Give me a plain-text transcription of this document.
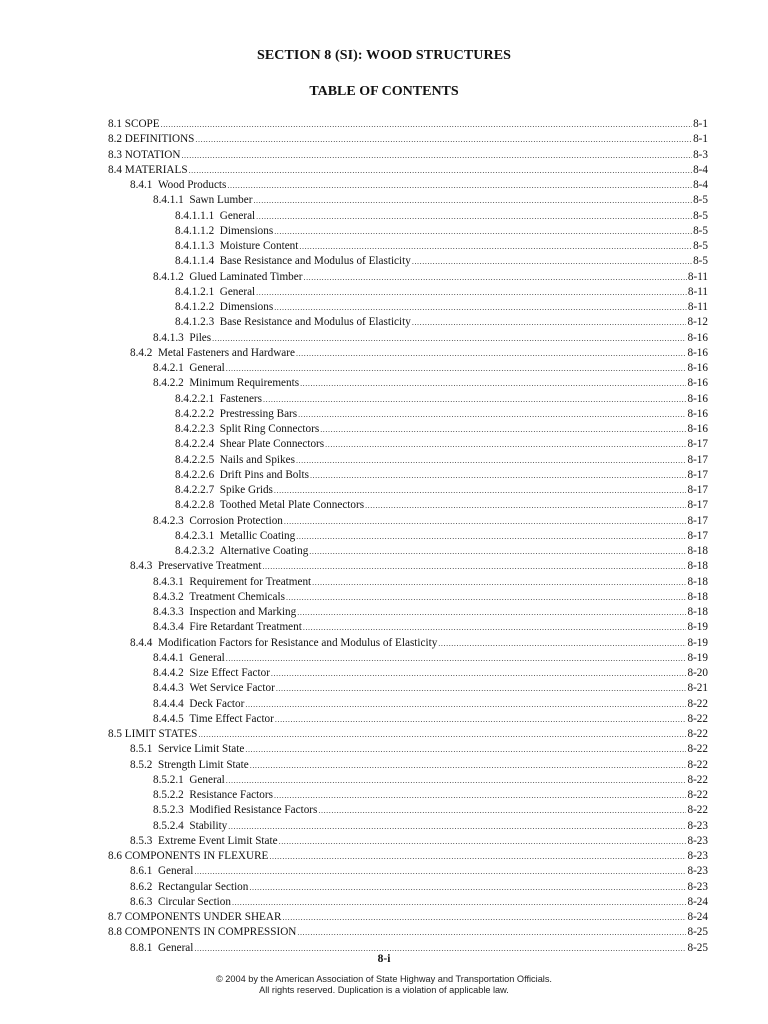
SECTION 8 (SI): WOOD STRUCTURES
TABLE OF CONTENTS
8.1 SCOPE .....	8-1
8.2 DEFINITIONS .....	8-1
8.3 NOTATION .....	8-3
8.4 MATERIALS .....	8-4
8.4.1 Wood Products .....	8-4
8.4.1.1 Sawn Lumber .....	8-5
8.4.1.1.1 General .....	8-5
8.4.1.1.2 Dimensions .....	8-5
8.4.1.1.3 Moisture Content .....	8-5
8.4.1.1.4 Base Resistance and Modulus of Elasticity .....	8-5
8.4.1.2 Glued Laminated Timber .....	8-11
8.4.1.2.1 General .....	8-11
8.4.1.2.2 Dimensions .....	8-11
8.4.1.2.3 Base Resistance and Modulus of Elasticity .....	8-12
8.4.1.3 Piles .....	8-16
8.4.2 Metal Fasteners and Hardware .....	8-16
8.4.2.1 General .....	8-16
8.4.2.2 Minimum Requirements .....	8-16
8.4.2.2.1 Fasteners .....	8-16
8.4.2.2.2 Prestressing Bars .....	8-16
8.4.2.2.3 Split Ring Connectors .....	8-16
8.4.2.2.4 Shear Plate Connectors .....	8-17
8.4.2.2.5 Nails and Spikes .....	8-17
8.4.2.2.6 Drift Pins and Bolts .....	8-17
8.4.2.2.7 Spike Grids .....	8-17
8.4.2.2.8 Toothed Metal Plate Connectors .....	8-17
8.4.2.3 Corrosion Protection .....	8-17
8.4.2.3.1 Metallic Coating .....	8-17
8.4.2.3.2 Alternative Coating .....	8-18
8.4.3 Preservative Treatment .....	8-18
8.4.3.1 Requirement for Treatment .....	8-18
8.4.3.2 Treatment Chemicals .....	8-18
8.4.3.3 Inspection and Marking .....	8-18
8.4.3.4 Fire Retardant Treatment .....	8-19
8.4.4 Modification Factors for Resistance and Modulus of Elasticity .....	8-19
8.4.4.1 General .....	8-19
8.4.4.2 Size Effect Factor .....	8-20
8.4.4.3 Wet Service Factor .....	8-21
8.4.4.4 Deck Factor .....	8-22
8.4.4.5 Time Effect Factor .....	8-22
8.5 LIMIT STATES .....	8-22
8.5.1 Service Limit State .....	8-22
8.5.2 Strength Limit State .....	8-22
8.5.2.1 General .....	8-22
8.5.2.2 Resistance Factors .....	8-22
8.5.2.3 Modified Resistance Factors .....	8-22
8.5.2.4 Stability .....	8-23
8.5.3 Extreme Event Limit State .....	8-23
8.6 COMPONENTS IN FLEXURE .....	8-23
8.6.1 General .....	8-23
8.6.2 Rectangular Section .....	8-23
8.6.3 Circular Section .....	8-24
8.7 COMPONENTS UNDER SHEAR .....	8-24
8.8 COMPONENTS IN COMPRESSION .....	8-25
8.8.1 General .....	8-25
8-i
© 2004 by the American Association of State Highway and Transportation Officials.
All rights reserved. Duplication is a violation of applicable law.
